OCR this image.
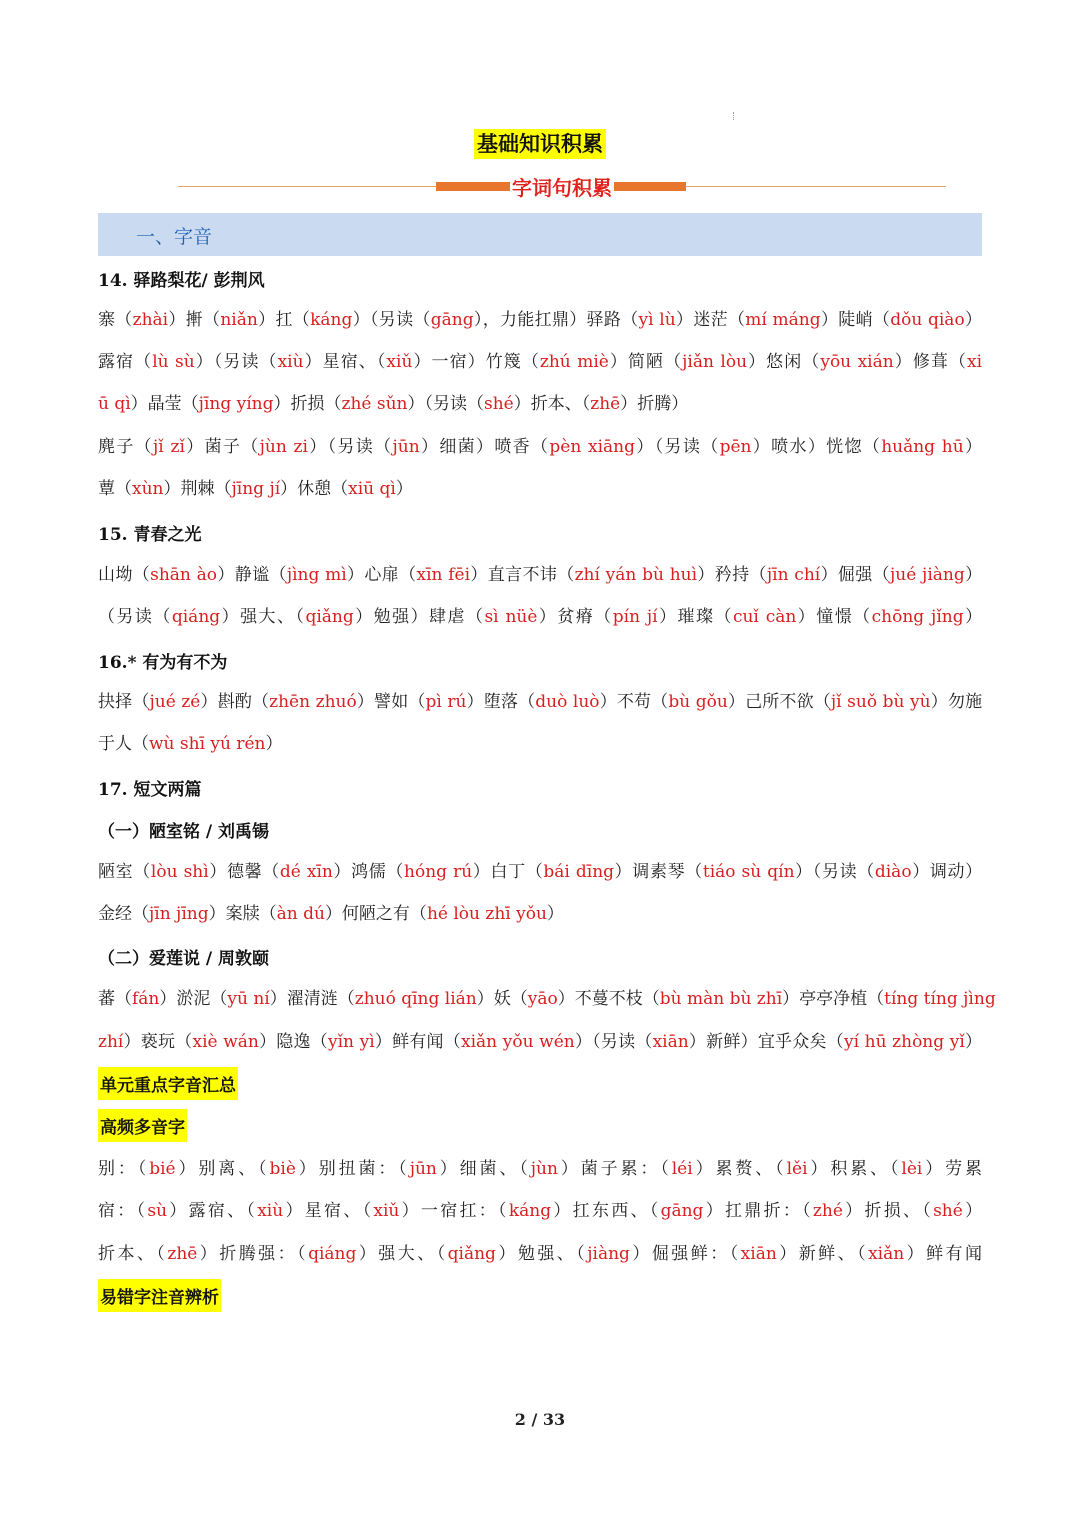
基础知识积累
字词句积累
一、字音
14. 驿路梨花/ 彭荆风
寨（zhài）搟（niǎn）扛（káng）（另读（gāng），力能扛鼎）驿路（yì lù）迷茫（mí máng）陡峭（dǒu qiào）
露宿（lù sù）（另读（xiù）星宿、（xiǔ）一宿）竹篾（zhú miè）简陋（jiǎn lòu）悠闲（yōu xián）修葺（xi
ū qì）晶莹（jīng yíng）折损（zhé sǔn）（另读（shé）折本、（zhē）折腾）
麂子（jǐ zǐ）菌子（jùn zi）（另读（jūn）细菌）喷香（pèn xiāng）（另读（pēn）喷水）恍惚（huǎng hū）
蕈（xùn）荆棘（jīng jí）休憩（xiū qì）
15. 青春之光
山坳（shān ào）静谧（jìng mì）心扉（xīn fēi）直言不讳（zhí yán bù huì）矜持（jīn chí）倔强（jué jiàng）
（另读（qiáng）强大、（qiǎng）勉强）肆虐（sì nüè）贫瘠（pín jí）璀璨（cuǐ càn）憧憬（chōng jǐng）
16.* 有为有不为
抉择（jué zé）斟酌（zhēn zhuó）譬如（pì rú）堕落（duò luò）不苟（bù gǒu）己所不欲（jǐ suǒ bù yù）勿施
于人（wù shī yú rén）
17. 短文两篇
（一）陋室铭 / 刘禹锡
陋室（lòu shì）德馨（dé xīn）鸿儒（hóng rú）白丁（bái dīng）调素琴（tiáo sù qín）（另读（diào）调动）
金经（jīn jīng）案牍（àn dú）何陋之有（hé lòu zhī yǒu）
（二）爱莲说 / 周敦颐
蕃（fán）淤泥（yū ní）濯清涟（zhuó qīng lián）妖（yāo）不蔓不枝（bù màn bù zhī）亭亭净植（tíng tíng jìng
zhí）亵玩（xiè wán）隐逸（yǐn yì）鲜有闻（xiǎn yǒu wén）（另读（xiān）新鲜）宜乎众矣（yí hū zhòng yǐ）
单元重点字音汇总
高频多音字
别：（bié）别离、（biè）别扭菌：（jūn）细菌、（jùn）菌子累：（léi）累赘、（lěi）积累、（lèi）劳累
宿：（sù）露宿、（xiù）星宿、（xiǔ）一宿扛：（káng）扛东西、（gāng）扛鼎折：（zhé）折损、（shé）
折本、（zhē）折腾强：（qiáng）强大、（qiǎng）勉强、（jiàng）倔强鲜：（xiān）新鲜、（xiǎn）鲜有闻
易错字注音辨析
2 / 33
